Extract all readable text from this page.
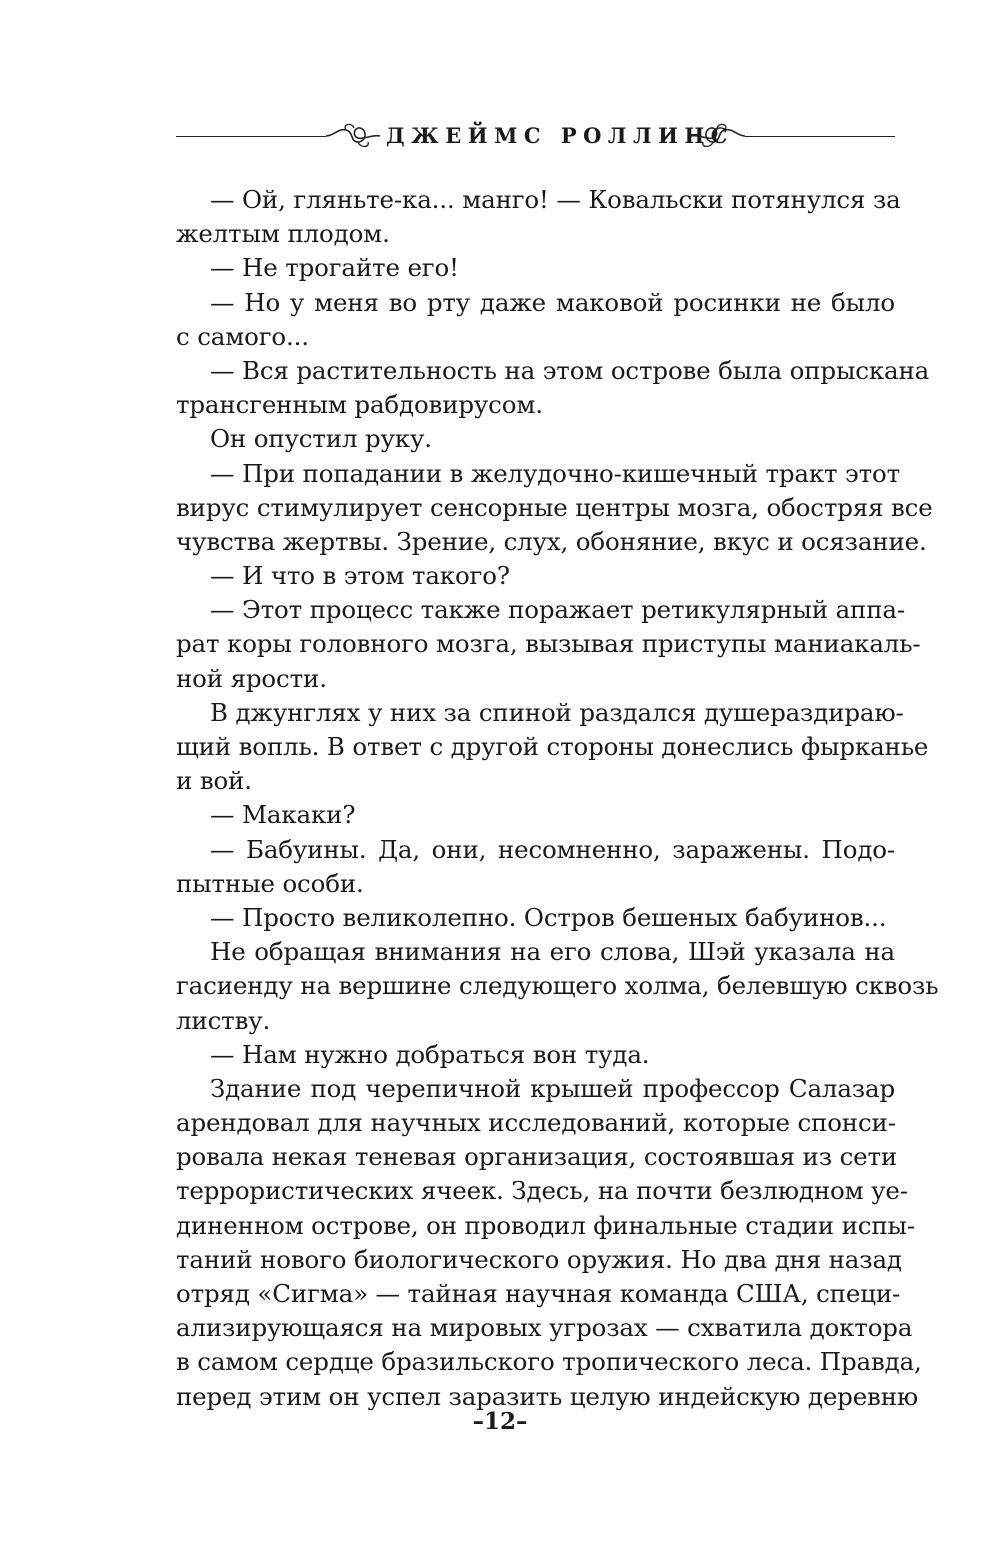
ДЖЕЙМС РОЛЛИНС
— Ой, гляньте-ка... манго! — Ковальски потянулся за
желтым плодом.
— Не трогайте его!
— Но у меня во рту даже маковой росинки не было
с самого...
— Вся растительность на этом острове была опрыскана
трансгенным рабдовирусом.
Он опустил руку.
— При попадании в желудочно-кишечный тракт этот
вирус стимулирует сенсорные центры мозга, обостряя все
чувства жертвы. Зрение, слух, обоняние, вкус и осязание.
— И что в этом такого?
— Этот процесс также поражает ретикулярный аппа-
рат коры головного мозга, вызывая приступы маниакаль-
ной ярости.
В джунглях у них за спиной раздался душераздираю-
щий вопль. В ответ с другой стороны донеслись фырканье
и вой.
— Макаки?
— Бабуины. Да, они, несомненно, заражены. Подо-
пытные особи.
— Просто великолепно. Остров бешеных бабуинов...
Не обращая внимания на его слова, Шэй указала на
гасиенду на вершине следующего холма, белевшую сквозь
листву.
— Нам нужно добраться вон туда.
Здание под черепичной крышей профессор Салазар
арендовал для научных исследований, которые спонси-
ровала некая теневая организация, состоявшая из сети
террористических ячеек. Здесь, на почти безлюдном уе-
диненном острове, он проводил финальные стадии испы-
таний нового биологического оружия. Но два дня назад
отряд «Сигма» — тайная научная команда США, специ-
ализирующаяся на мировых угрозах — схватила доктора
в самом сердце бразильского тропического леса. Правда,
перед этим он успел заразить целую индейскую деревню
–12–
